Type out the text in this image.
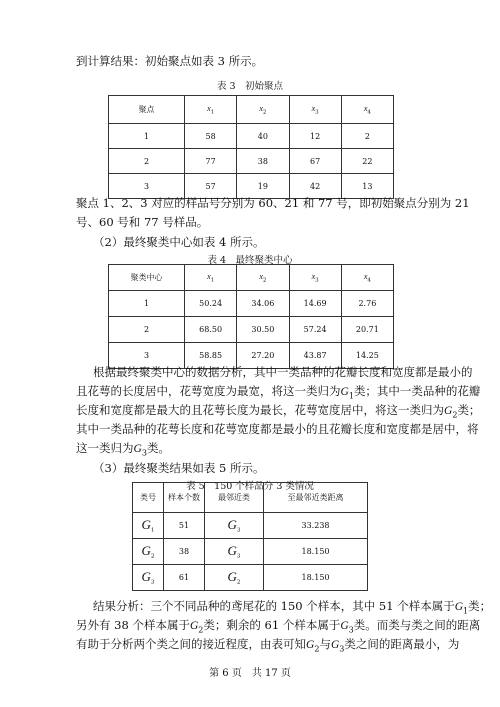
到计算结果：初始聚点如表 3 所示。
表 3　初始聚点
聚点	$x_1$	$x_2$	$x_3$	$x_4$
1	58	40	12	2
2	77	38	67	22
3	57	19	42	13
聚点 1、2、3 对应的样品号分别为 60、21 和 77 号，即初始聚点分别为 21
号、60 号和 77 号样品。
（2）最终聚类中心如表 4 所示。
表 4　最终聚类中心
聚类中心	$x_1$	$x_2$	$x_3$	$x_4$
1	50.24	34.06	14.69	2.76
2	68.50	30.50	57.24	20.71
3	58.85	27.20	43.87	14.25
根据最终聚类中心的数据分析，其中一类品种的花瓣长度和宽度都是最小的
且花萼的长度居中，花萼宽度为最宽，将这一类归为$G_1$类；其中一类品种的花瓣
长度和宽度都是最大的且花萼长度为最长，花萼宽度居中，将这一类归为$G_2$类；
其中一类品种的花萼长度和花萼宽度都是最小的且花瓣长度和宽度都是居中，将
这一类归为$G_3$类。
（3）最终聚类结果如表 5 所示。
表 5　150 个样品分 3 类情况
类号	样本个数	最邻近类	至最邻近类距离
$G_1$	51	$G_3$	33.238
$G_2$	38	$G_3$	18.150
$G_3$	61	$G_2$	18.150
结果分析：三个不同品种的鸢尾花的 150 个样本，其中 51 个样本属于$G_1$类；
另外有 38 个样本属于$G_2$类；剩余的 61 个样本属于$G_3$类。而类与类之间的距离
有助于分析两个类之间的接近程度，由表可知$G_2$与$G_3$类之间的距离最小，为
第 6 页　共 17 页
